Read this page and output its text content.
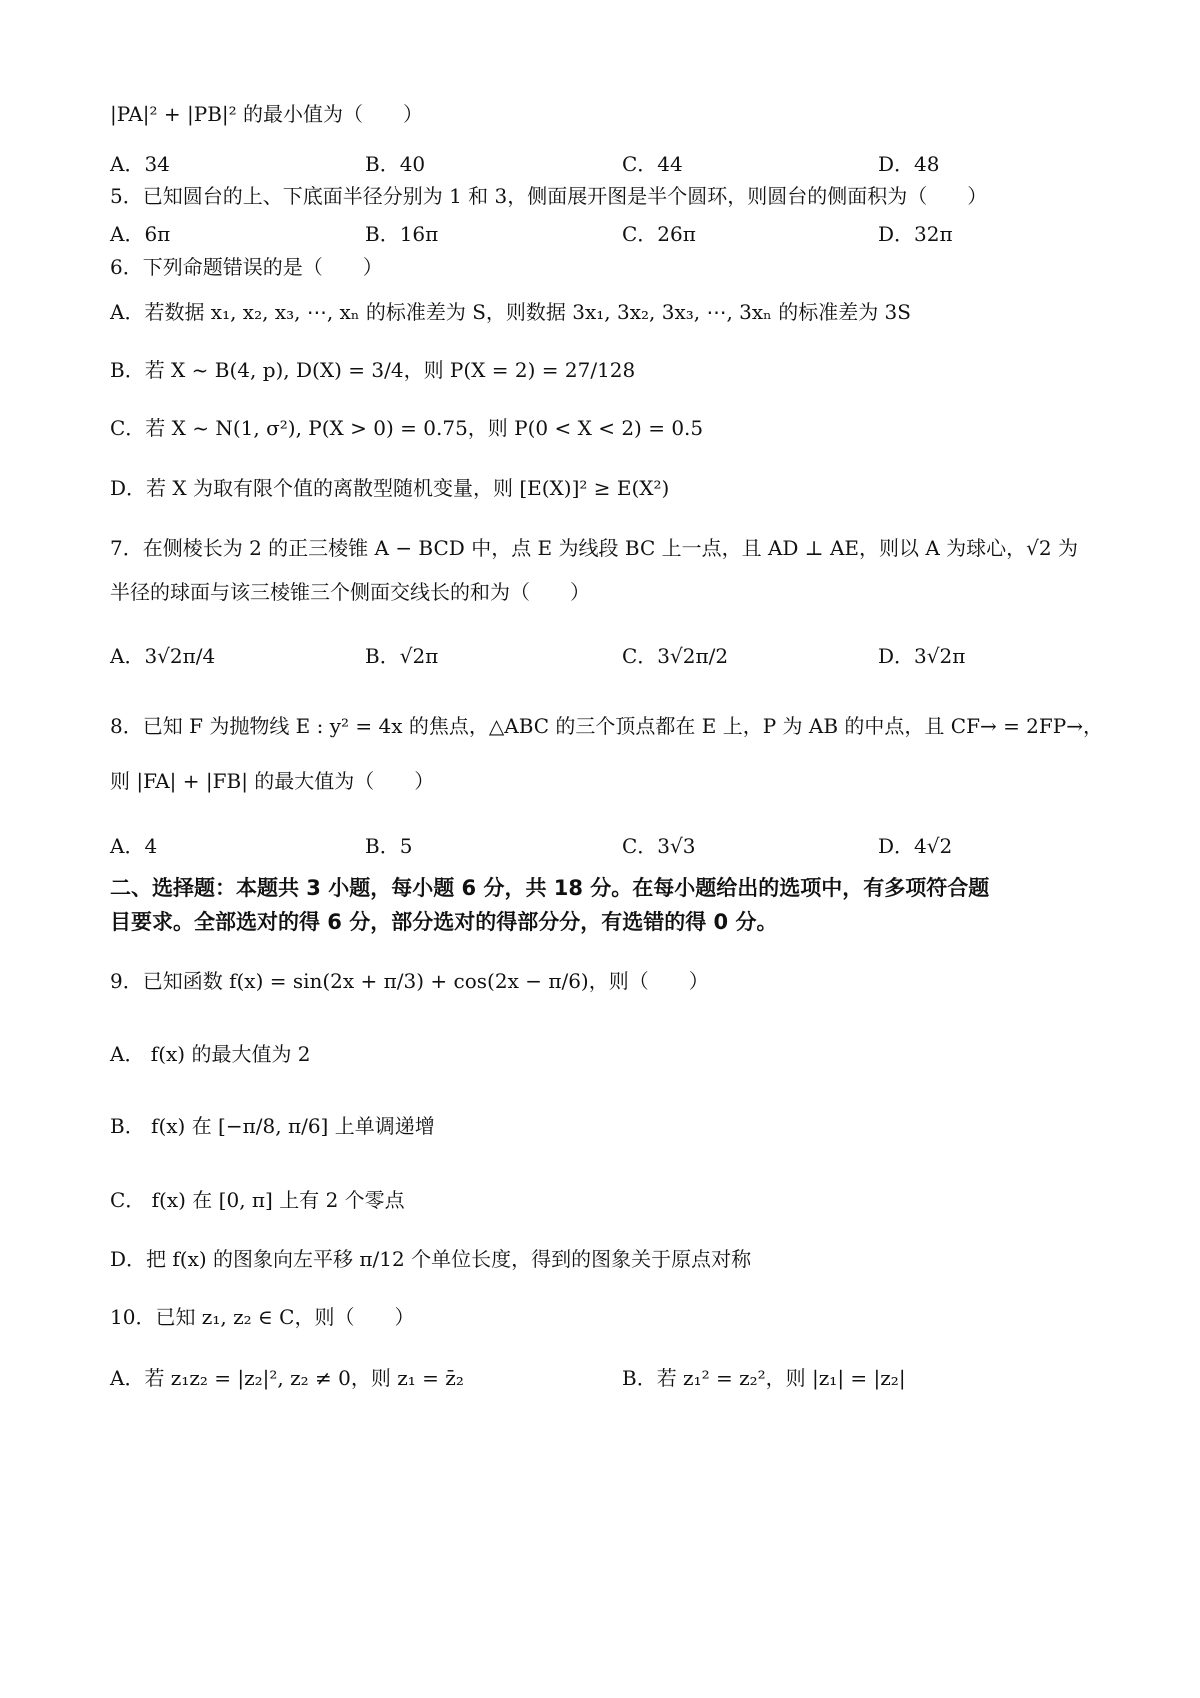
|PA|² + |PB|² 的最小值为（　　）
A．34	B．40	C．44	D．48
5．已知圆台的上、下底面半径分别为 1 和 3，侧面展开图是半个圆环，则圆台的侧面积为（　　）
A．6π	B．16π	C．26π	D．32π
6．下列命题错误的是（　　）
A．若数据 x₁, x₂, x₃, ⋯, xₙ 的标准差为 S，则数据 3x₁, 3x₂, 3x₃, ⋯, 3xₙ 的标准差为 3S
B．若 X ~ B(4, p), D(X) = 3/4，则 P(X = 2) = 27/128
C．若 X ~ N(1, σ²), P(X > 0) = 0.75，则 P(0 < X < 2) = 0.5
D．若 X 为取有限个值的离散型随机变量，则 [E(X)]² ≥ E(X²)
7．在侧棱长为 2 的正三棱锥 A − BCD 中，点 E 为线段 BC 上一点，且 AD ⊥ AE，则以 A 为球心，√2 为
半径的球面与该三棱锥三个侧面交线长的和为（　　）
A．3√2π/4	B．√2π	C．3√2π/2	D．3√2π
8．已知 F 为抛物线 E : y² = 4x 的焦点，△ABC 的三个顶点都在 E 上，P 为 AB 的中点，且 CF→ = 2FP→，
则 |FA| + |FB| 的最大值为（　　）
A．4	B．5	C．3√3	D．4√2
二、选择题：本题共 3 小题，每小题 6 分，共 18 分。在每小题给出的选项中，有多项符合题
目要求。全部选对的得 6 分，部分选对的得部分分，有选错的得 0 分。
9．已知函数 f(x) = sin(2x + π/3) + cos(2x − π/6)，则（　　）
A． f(x) 的最大值为 2
B． f(x) 在 [−π/8, π/6] 上单调递增
C． f(x) 在 [0, π] 上有 2 个零点
D．把 f(x) 的图象向左平移 π/12 个单位长度，得到的图象关于原点对称
10．已知 z₁, z₂ ∈ C，则（　　）
A．若 z₁z₂ = |z₂|², z₂ ≠ 0，则 z₁ = z̄₂	B．若 z₁² = z₂²，则 |z₁| = |z₂|
